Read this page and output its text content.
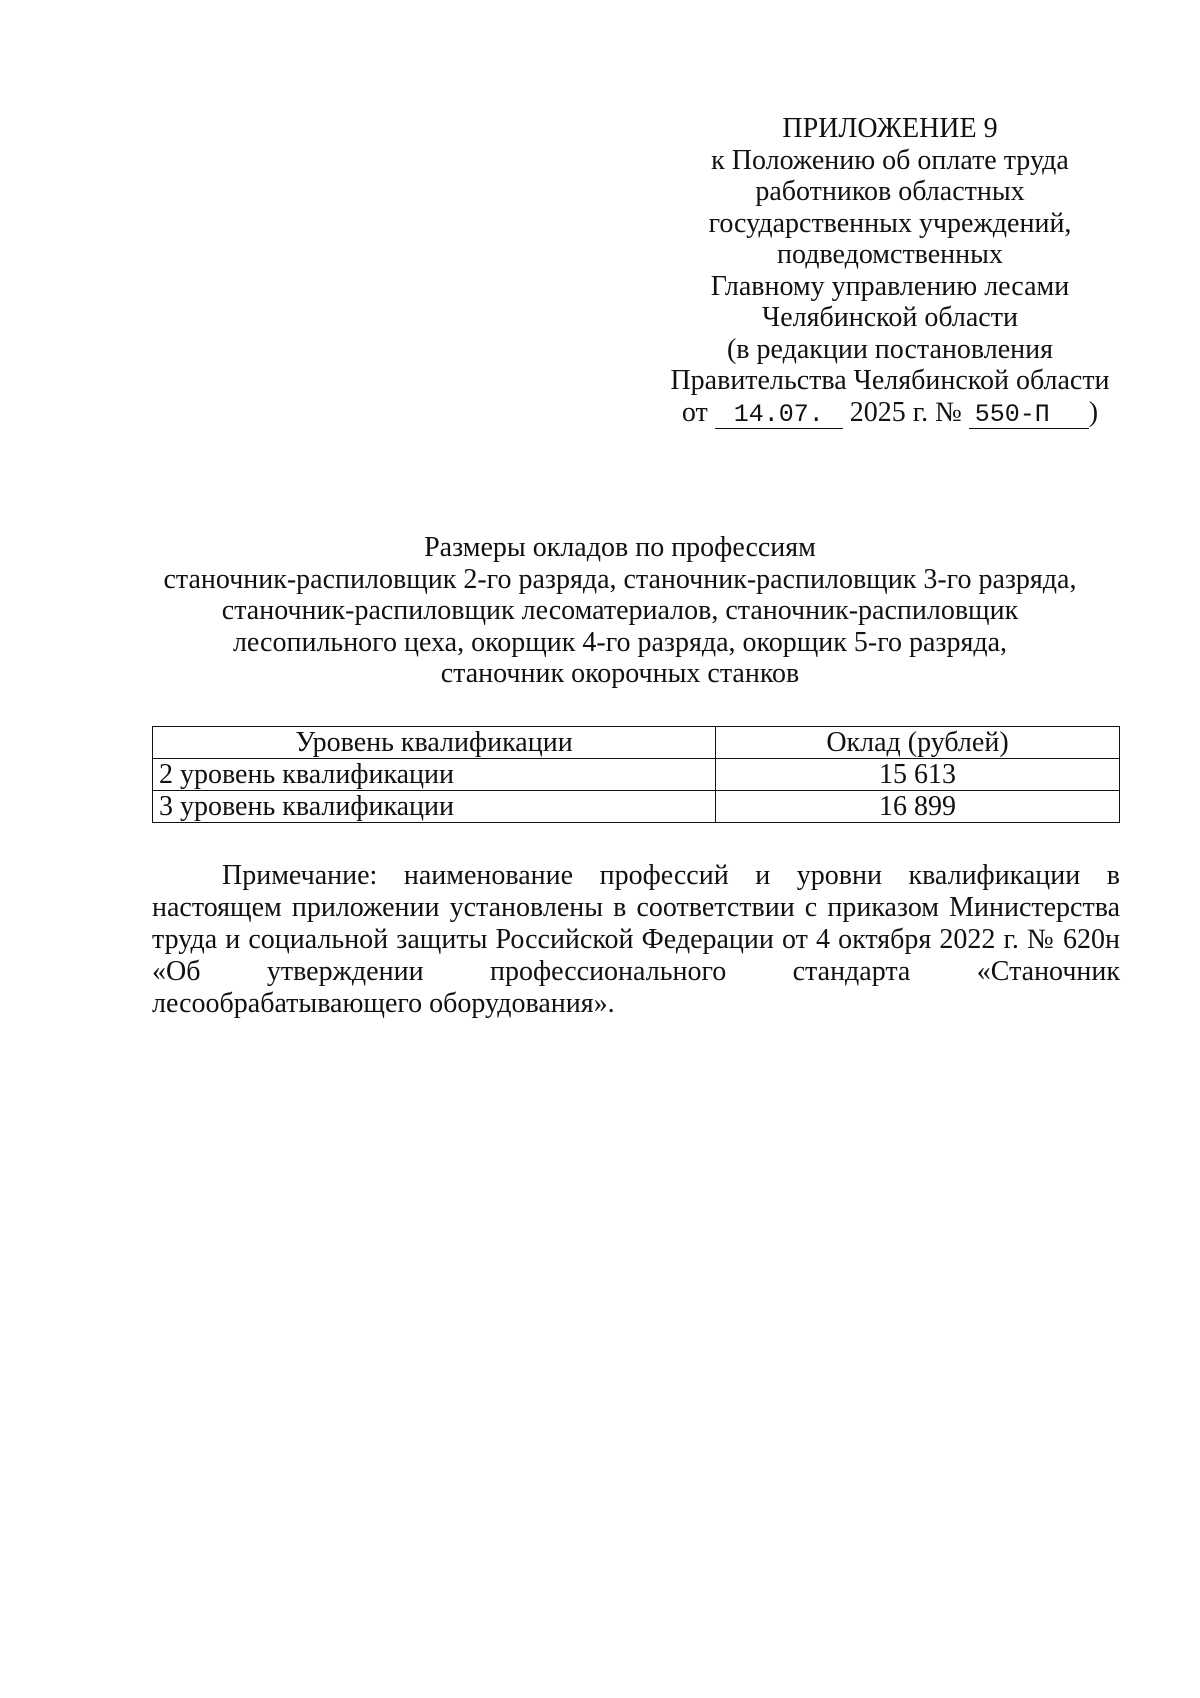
ПРИЛОЖЕНИЕ 9
к Положению об оплате труда
работников областных
государственных учреждений,
подведомственных
Главному управлению лесами
Челябинской области
(в редакции постановления
Правительства Челябинской области
от 14.07. 2025 г. № 550-П )
Размеры окладов по профессиям
станочник-распиловщик 2-го разряда, станочник-распиловщик 3-го разряда,
станочник-распиловщик лесоматериалов, станочник-распиловщик
лесопильного цеха, окорщик 4-го разряда, окорщик 5-го разряда,
станочник окорочных станков
Уровень квалификации	Оклад (рублей)
2 уровень квалификации	15 613
3 уровень квалификации	16 899
Примечание: наименование профессий и уровни квалификации в
настоящем приложении установлены в соответствии с приказом Министерства
труда и социальной защиты Российской Федерации от 4 октября 2022 г. № 620н
«Об утверждении профессионального стандарта «Станочник
лесообрабатывающего оборудования».
